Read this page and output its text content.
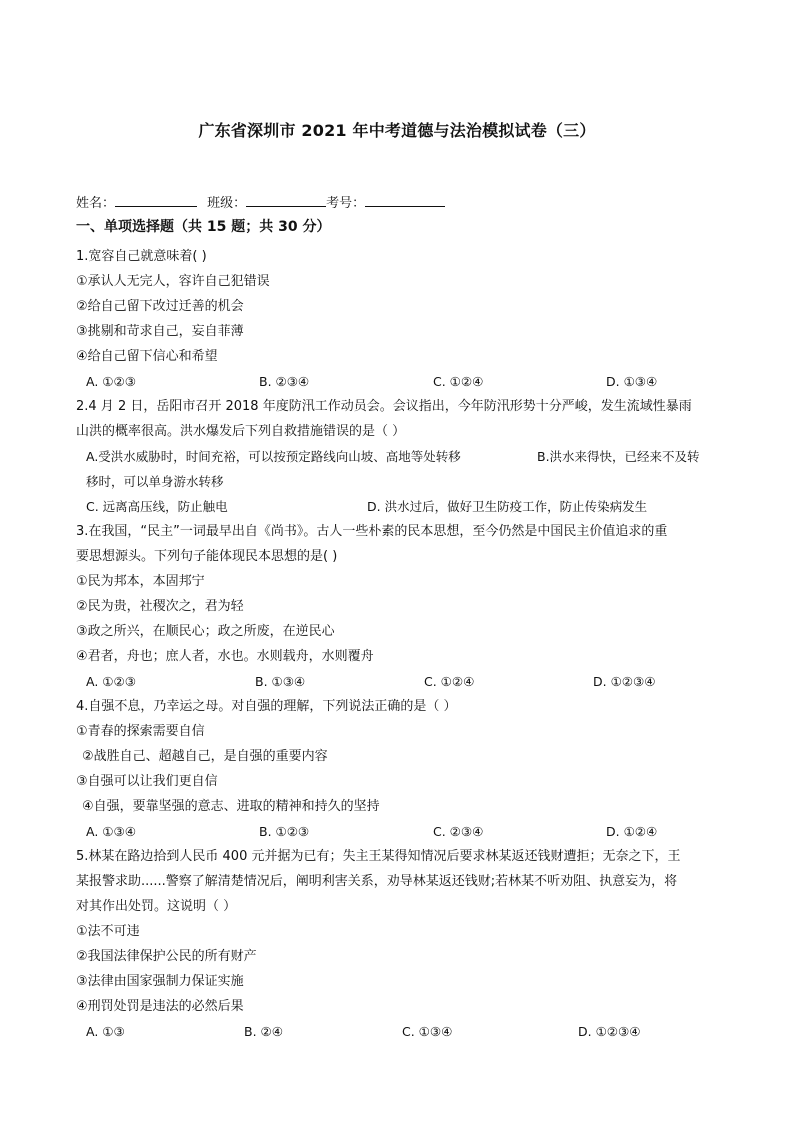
广东省深圳市 2021 年中考道德与法治模拟试卷（三）
姓名：	班级：	考号：
一、单项选择题（共 15 题；共 30 分）
1.宽容自己就意味着( )
①承认人无完人，容许自己犯错误
②给自己留下改过迁善的机会
③挑剔和苛求自己，妄自菲薄
④给自己留下信心和希望
A. ①②③	B. ②③④	C. ①②④	D. ①③④
2.4 月 2 日，岳阳市召开 2018 年度防汛工作动员会。会议指出，今年防汛形势十分严峻，发生流域性暴雨
山洪的概率很高。洪水爆发后下列自救措施错误的是（ ）
A.受洪水威胁时，时间充裕，可以按预定路线向山坡、高地等处转移	B.洪水来得快，已经来不及转
移时，可以单身游水转移
C. 远离高压线，防止触电	D. 洪水过后，做好卫生防疫工作，防止传染病发生
3.在我国，“民主”一词最早出自《尚书》。古人一些朴素的民本思想，至今仍然是中国民主价值追求的重
要思想源头。下列句子能体现民本思想的是( )
①民为邦本，本固邦宁
②民为贵，社稷次之，君为轻
③政之所兴，在顺民心；政之所废，在逆民心
④君者，舟也；庶人者，水也。水则载舟，水则覆舟
A. ①②③	B. ①③④	C. ①②④	D. ①②③④
4.自强不息，乃幸运之母。对自强的理解，下列说法正确的是（ ）
①青春的探索需要自信
②战胜自己、超越自己，是自强的重要内容
③自强可以让我们更自信
④自强，要靠坚强的意志、进取的精神和持久的坚持
A. ①③④	B. ①②③	C. ②③④	D. ①②④
5.林某在路边拾到人民币 400 元并据为已有；失主王某得知情况后要求林某返还钱财遭拒；无奈之下，王
某报警求助......警察了解清楚情况后，阐明利害关系，劝导林某返还钱财;若林某不听劝阻、执意妄为，将
对其作出处罚。这说明（ ）
①法不可违
②我国法律保护公民的所有财产
③法律由国家强制力保证实施
④刑罚处罚是违法的必然后果
A. ①③	B. ②④	C. ①③④	D. ①②③④
